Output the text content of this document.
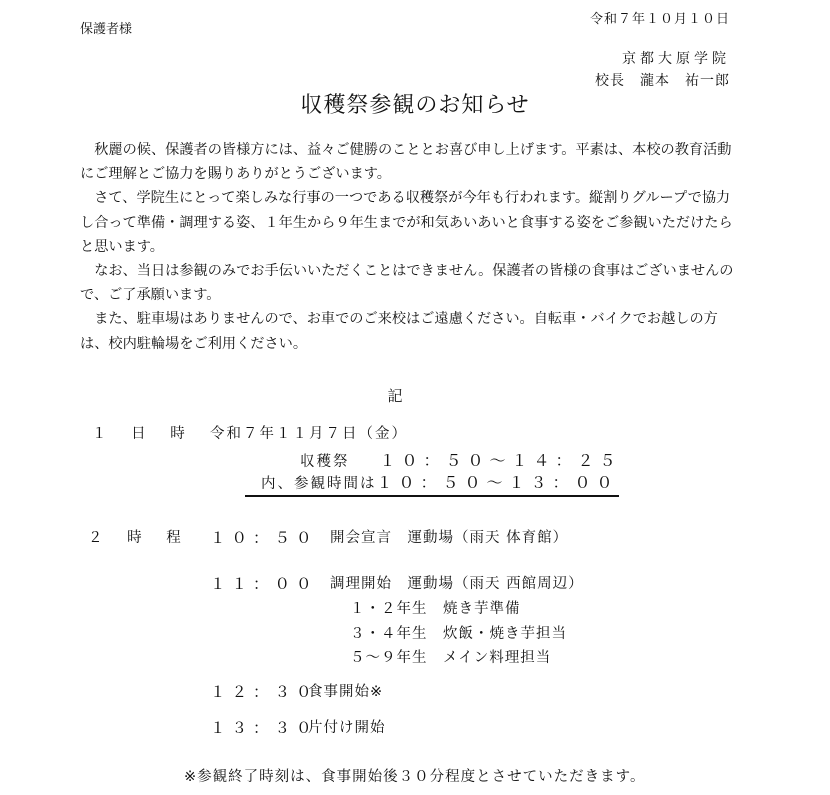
保護者様
令和７年１０月１０日
京都大原学院
校長　瀧本　祐一郎
収穫祭参観のお知らせ

秋麗の候、保護者の皆様方には、益々ご健勝のこととお喜び申し上げます。平素は、本校の教育活動にご理解とご協力を賜りありがとうございます。

さて、学院生にとって楽しみな行事の一つである収穫祭が今年も行われます。縦割りグループで協力し合って準備・調理する姿、１年生から９年生までが和気あいあいと食事する姿をご参観いただけたらと思います。

なお、当日は参観のみでお手伝いいただくことはできません。保護者の皆様の食事はございませんので、ご了承願います。

また、駐車場はありませんので、お車でのご来校はご遠慮ください。自転車・バイクでお越しの方は、校内駐輪場をご利用ください。

記
１ 日 時 令和７年１１月７日（金）
収穫祭 １０：５０～１４：２５
内、参観時間は１０：５０～１３：００
２ 時 程 １０：５０ 開会宣言　運動場（雨天 体育館）
１１：００ 調理開始　運動場（雨天 西館周辺）
１・２年生　焼き芋準備
３・４年生　炊飯・焼き芋担当
５～９年生　メイン料理担当
１２：３０
食事開始※
１３：３０
片付け開始
※参観終了時刻は、食事開始後３０分程度とさせていただきます。
